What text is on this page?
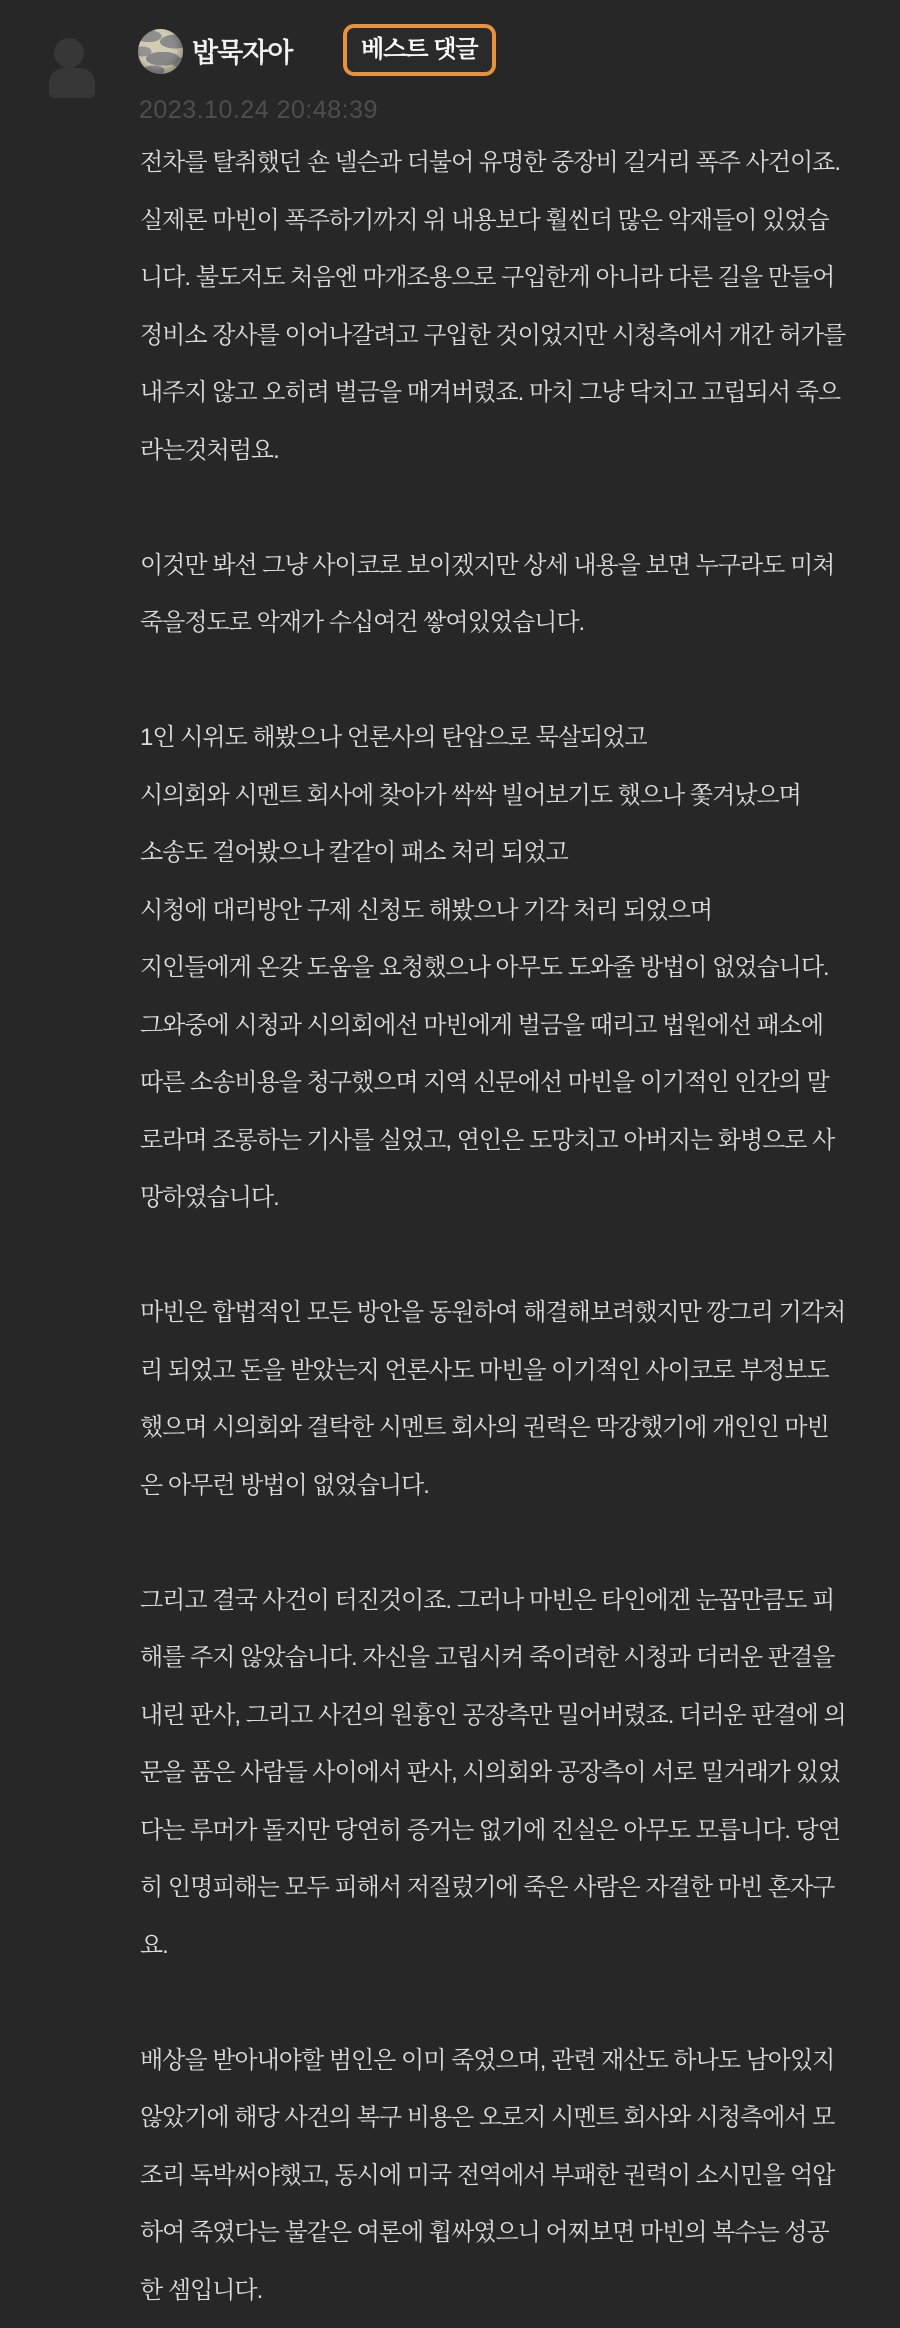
밥묵자아	베스트 댓글
2023.10.24 20:48:39
전차를 탈취했던 숀 넬슨과 더불어 유명한 중장비 길거리 폭주 사건이죠.
실제론 마빈이 폭주하기까지 위 내용보다 훨씬더 많은 악재들이 있었습
니다. 불도저도 처음엔 마개조용으로 구입한게 아니라 다른 길을 만들어
정비소 장사를 이어나갈려고 구입한 것이었지만 시청측에서 개간 허가를
내주지 않고 오히려 벌금을 매겨버렸죠. 마치 그냥 닥치고 고립되서 죽으
라는것처럼요.

이것만 봐선 그냥 사이코로 보이겠지만 상세 내용을 보면 누구라도 미쳐
죽을정도로 악재가 수십여건 쌓여있었습니다.

1인 시위도 해봤으나 언론사의 탄압으로 묵살되었고
시의회와 시멘트 회사에 찾아가 싹싹 빌어보기도 했으나 쫓겨났으며
소송도 걸어봤으나 칼같이 패소 처리 되었고
시청에 대리방안 구제 신청도 해봤으나 기각 처리 되었으며
지인들에게 온갖 도움을 요청했으나 아무도 도와줄 방법이 없었습니다.
그와중에 시청과 시의회에선 마빈에게 벌금을 때리고 법원에선 패소에
따른 소송비용을 청구했으며 지역 신문에선 마빈을 이기적인 인간의 말
로라며 조롱하는 기사를 실었고, 연인은 도망치고 아버지는 화병으로 사
망하였습니다.

마빈은 합법적인 모든 방안을 동원하여 해결해보려했지만 깡그리 기각처
리 되었고 돈을 받았는지 언론사도 마빈을 이기적인 사이코로 부정보도
했으며 시의회와 결탁한 시멘트 회사의 권력은 막강했기에 개인인 마빈
은 아무런 방법이 없었습니다.

그리고 결국 사건이 터진것이죠. 그러나 마빈은 타인에겐 눈꼽만큼도 피
해를 주지 않았습니다. 자신을 고립시켜 죽이려한 시청과 더러운 판결을
내린 판사, 그리고 사건의 원흉인 공장측만 밀어버렸죠. 더러운 판결에 의
문을 품은 사람들 사이에서 판사, 시의회와 공장측이 서로 밀거래가 있었
다는 루머가 돌지만 당연히 증거는 없기에 진실은 아무도 모릅니다. 당연
히 인명피해는 모두 피해서 저질렀기에 죽은 사람은 자결한 마빈 혼자구
요.

배상을 받아내야할 범인은 이미 죽었으며, 관련 재산도 하나도 남아있지
않았기에 해당 사건의 복구 비용은 오로지 시멘트 회사와 시청측에서 모
조리 독박써야했고, 동시에 미국 전역에서 부패한 권력이 소시민을 억압
하여 죽였다는 불같은 여론에 휩싸였으니 어찌보면 마빈의 복수는 성공
한 셈입니다.
